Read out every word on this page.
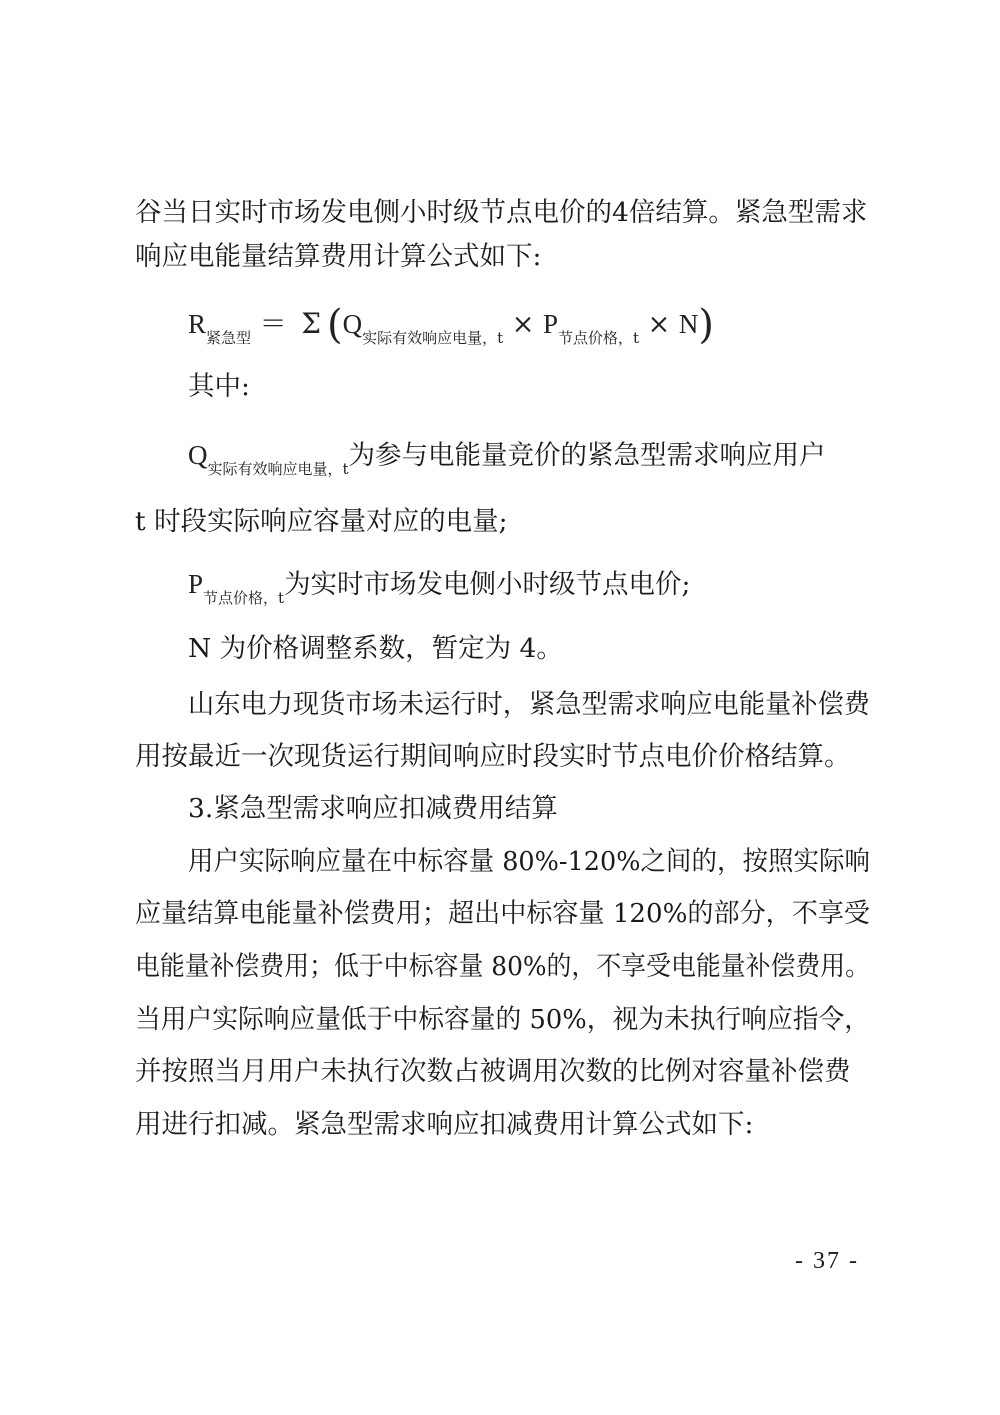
谷当日实时市场发电侧小时级节点电价的4倍结算。紧急型需求
响应电能量结算费用计算公式如下:
$R_{紧急型} = \Sigma$ $(Q_{实际有效响应电量,t} \times P_{节点价格,t} \times N)$
其中:
$Q_{实际有效响应电量,t}$为参与电能量竞价的紧急型需求响应用户
t 时段实际响应容量对应的电量;
$P_{节点价格,t}$为实时市场发电侧小时级节点电价;
N 为价格调整系数，暂定为 4。
山东电力现货市场未运行时，紧急型需求响应电能量补偿费
用按最近一次现货运行期间响应时段实时节点电价价格结算。
3.紧急型需求响应扣减费用结算
用户实际响应量在中标容量 80%-120%之间的，按照实际响
应量结算电能量补偿费用；超出中标容量 120%的部分，不享受
电能量补偿费用；低于中标容量 80%的，不享受电能量补偿费用。
当用户实际响应量低于中标容量的 50%，视为未执行响应指令，
并按照当月用户未执行次数占被调用次数的比例对容量补偿费
用进行扣减。紧急型需求响应扣减费用计算公式如下:
- 37 -
